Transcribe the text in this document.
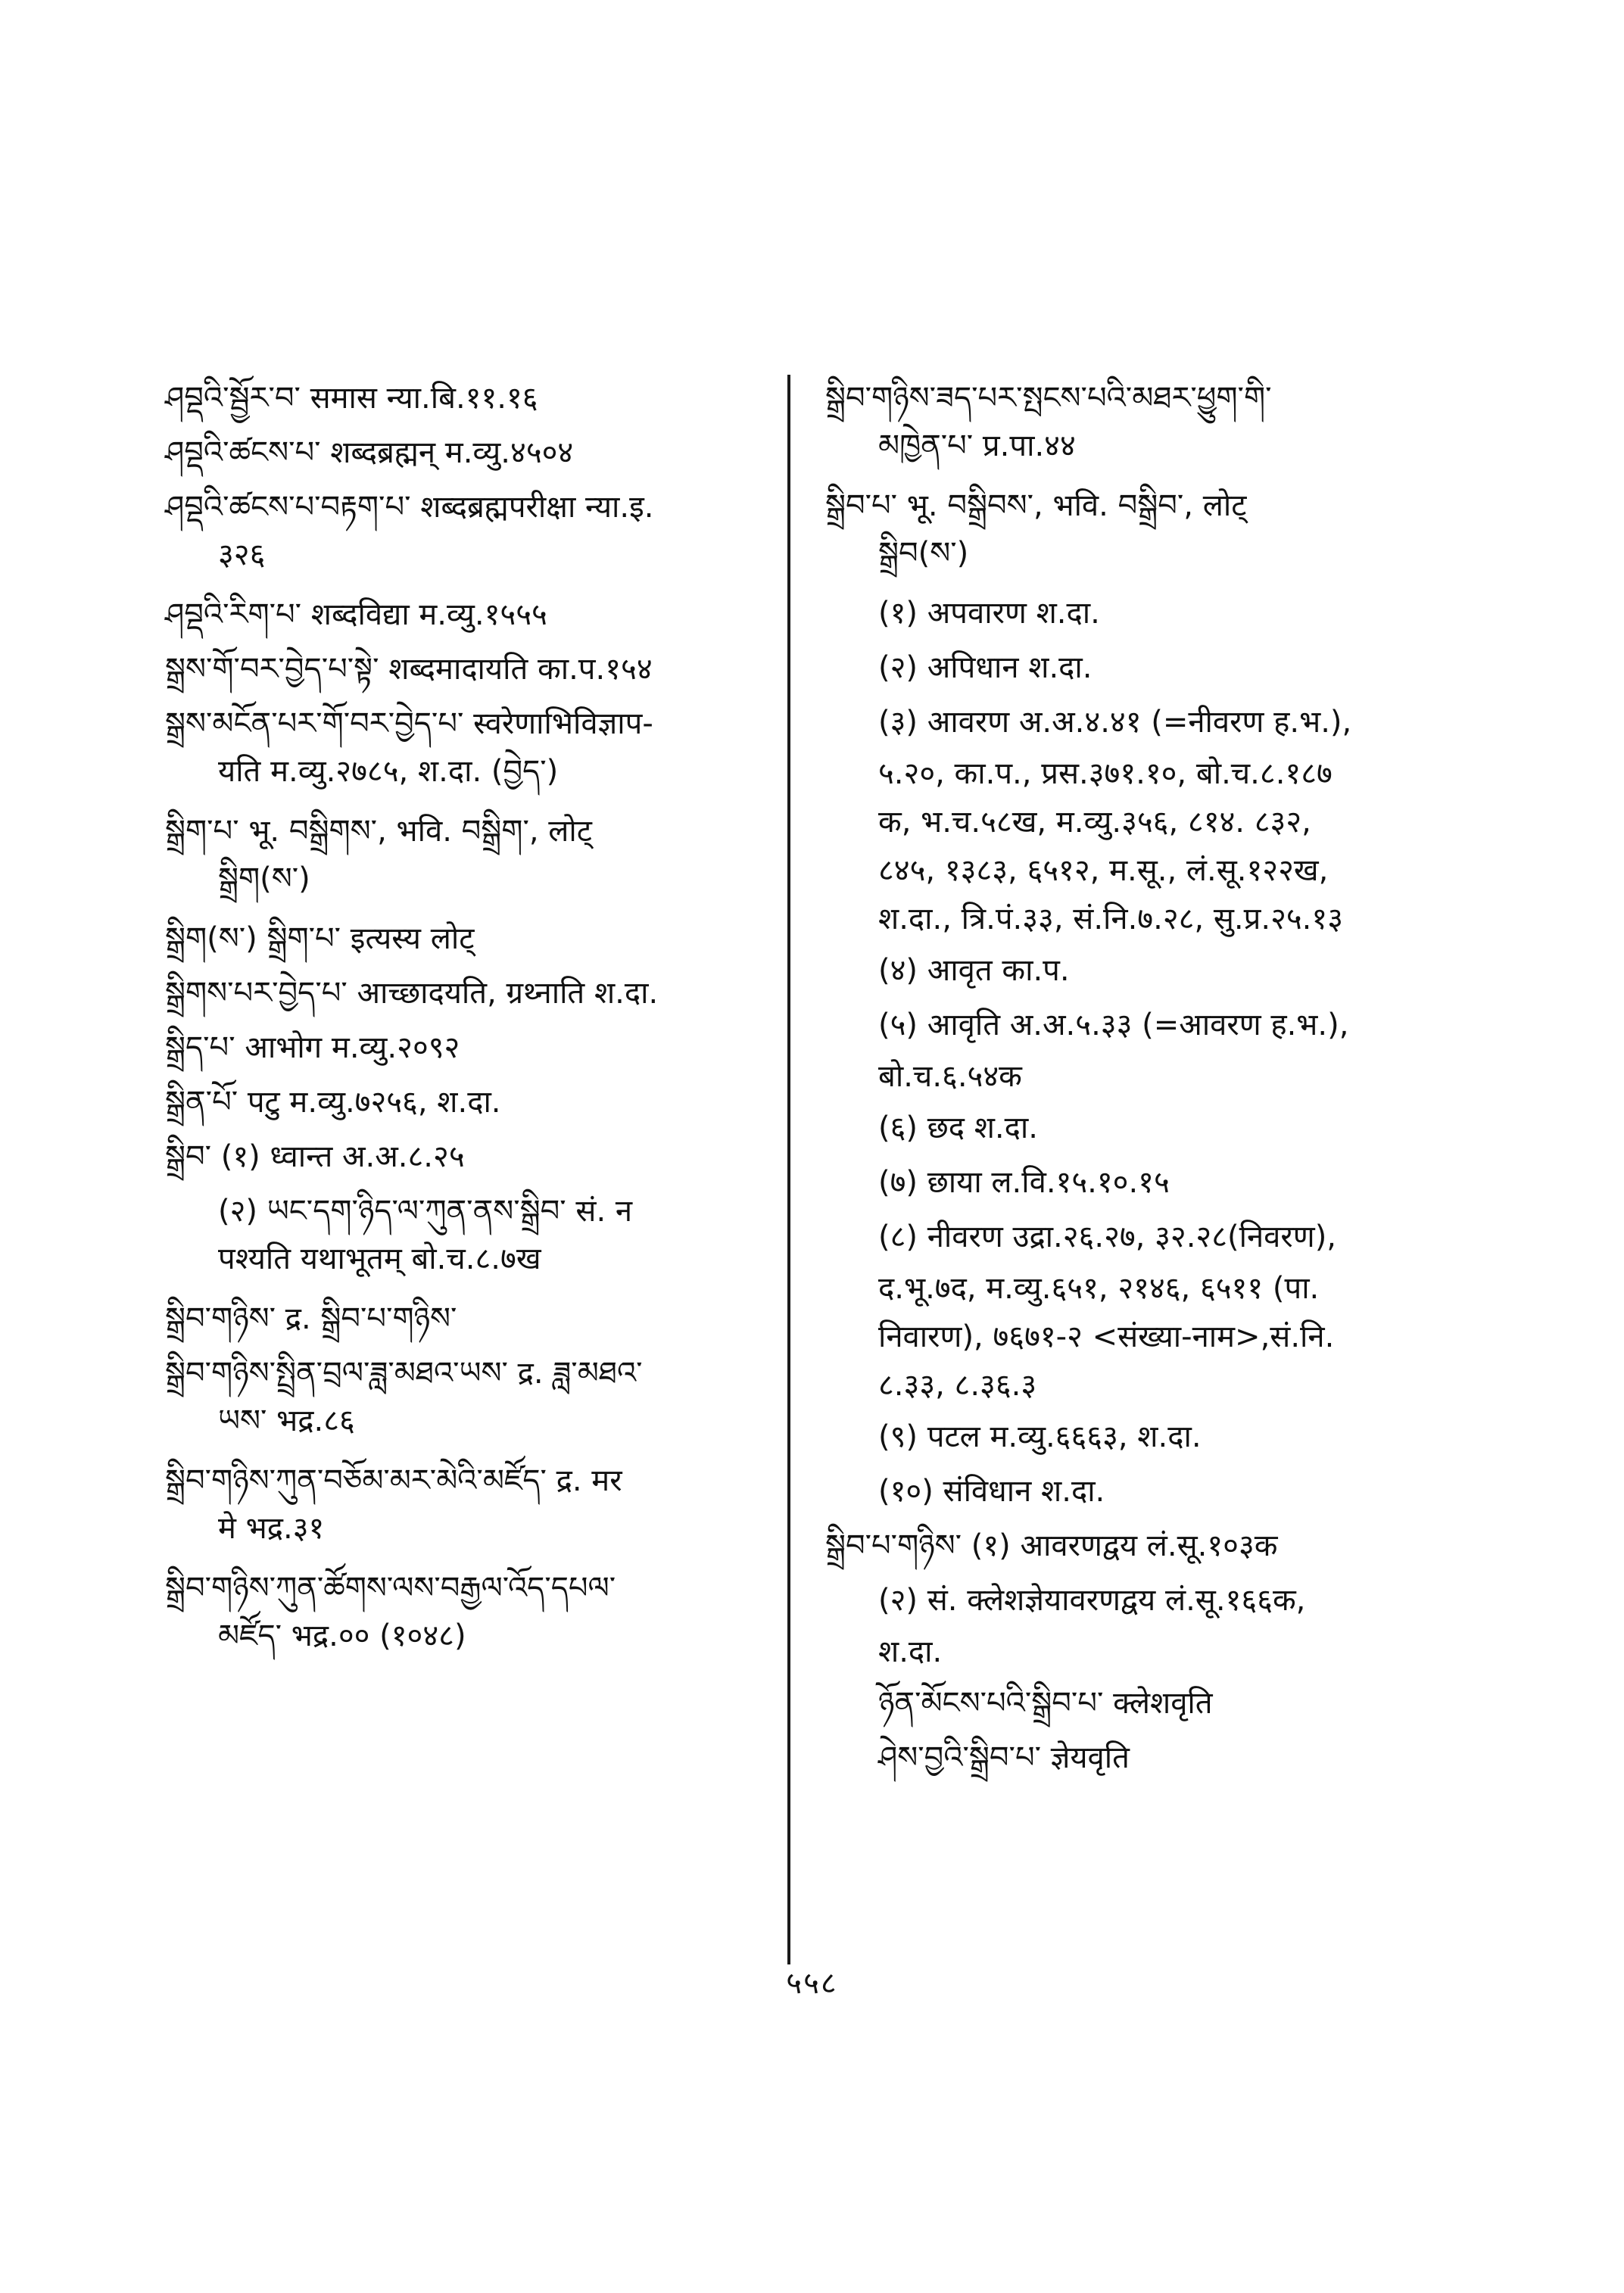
ཤབྡའི་སྦྱོར་བ་ समास न्या.बि.११.१६

ཤབྡའི་ཚངས་པ་ शब्दब्रह्मन् म.व्यु.४५०४

ཤབྡའི་ཚངས་པ་བརྟག་པ་ शब्दब्रह्मपरीक्षा न्या.इ.

३२६

ཤབྡའི་རིག་པ་ शब्दविद्या म.व्यु.१५५५

སྒྲས་གོ་བར་བྱེད་པ་སྟེ་ शब्दमादायति का.प.१५४

སྒྲས་མངོན་པར་གོ་བར་བྱེད་པ་ स्वरेणाभिविज्ञाप-

यति म.व्यु.२७८५, श.दा. (བྱེད་)

སྒྲིག་པ་ भू. བསྒྲིགས་, भवि. བསྒྲིག་, लोट्

སྒྲིག(ས་)

སྒྲིག(ས་) སྒྲིག་པ་ इत्यस्य लोट्

སྒྲིགས་པར་བྱེད་པ་ आच्छादयति, ग्रथ्नाति श.दा.

སྒྲིད་པ་ आभोग म.व्यु.२०९२

སྒྲིན་པོ་ पटु म.व्यु.७२५६, श.दा.

སྒྲིབ་ (१) ध्वान्त अ.अ.८.२५

(२) ཡང་དག་ཉིད་ལ་ཀུན་ནས་སྒྲིབ་ सं. न

पश्यति यथाभूतम् बो.च.८.७ख

སྒྲིབ་གཉིས་ द्र. སྒྲིབ་པ་གཉིས་

སྒྲིབ་གཉིས་སྤྲིན་བྲལ་ཟླ་མཐའ་ཡས་ द्र. ཟླ་མཐའ་

ཡས་ भद्र.८६

སྒྲིབ་གཉིས་ཀུན་བཅོམ་མར་མེའི་མཛོད་ द्र. मर

मे भद्र.३१

སྒྲིབ་གཉིས་ཀུན་ཚོགས་ལས་བརྒྱལ་འོད་དཔལ་

མཛོད་ भद्र.०० (१०४८)

སྒྲིབ་གཉིས་ཟད་པར་སྤངས་པའི་མཐར་ཕྱུག་གི་

མཁྱེན་པ་ प्र.पा.४४

སྒྲིབ་པ་ भू. བསྒྲིབས་, भवि. བསྒྲིབ་, लोट्

སྒྲིབ(ས་)

(१) अपवारण श.दा.

(२) अपिधान श.दा.

(३) आवरण अ.अ.४.४१ (=नीवरण ह.भ.),

५.२०, का.प., प्रस.३७१.१०, बो.च.८.१८७

क, भ.च.५८ख, म.व्यु.३५६, ८१४. ८३२,

८४५, १३८३, ६५१२, म.सू., लं.सू.१२२ख,

श.दा., त्रि.पं.३३, सं.नि.७.२८, सु.प्र.२५.१३

(४) आवृत का.प.

(५) आवृति अ.अ.५.३३ (=आवरण ह.भ.),

बो.च.६.५४क

(६) छद श.दा.

(७) छाया ल.वि.१५.१०.१५

(८) नीवरण उद्रा.२६.२७, ३२.२८(निवरण),

द.भू.७द, म.व्यु.६५१, २१४६, ६५११ (पा.

निवारण), ७६७१-२ <संख्या-नाम>,सं.नि.

८.३३, ८.३६.३

(९) पटल म.व्यु.६६६३, श.दा.

(१०) संविधान श.दा.

སྒྲིབ་པ་གཉིས་ (१) आवरणद्वय लं.सू.१०३क

(२) सं. क्लेशज्ञेयावरणद्वय लं.सू.१६६क,

श.दा.

ཉོན་མོངས་པའི་སྒྲིབ་པ་ क्लेशवृति

ཤེས་བྱའི་སྒྲིབ་པ་ ज्ञेयवृति

५५८
